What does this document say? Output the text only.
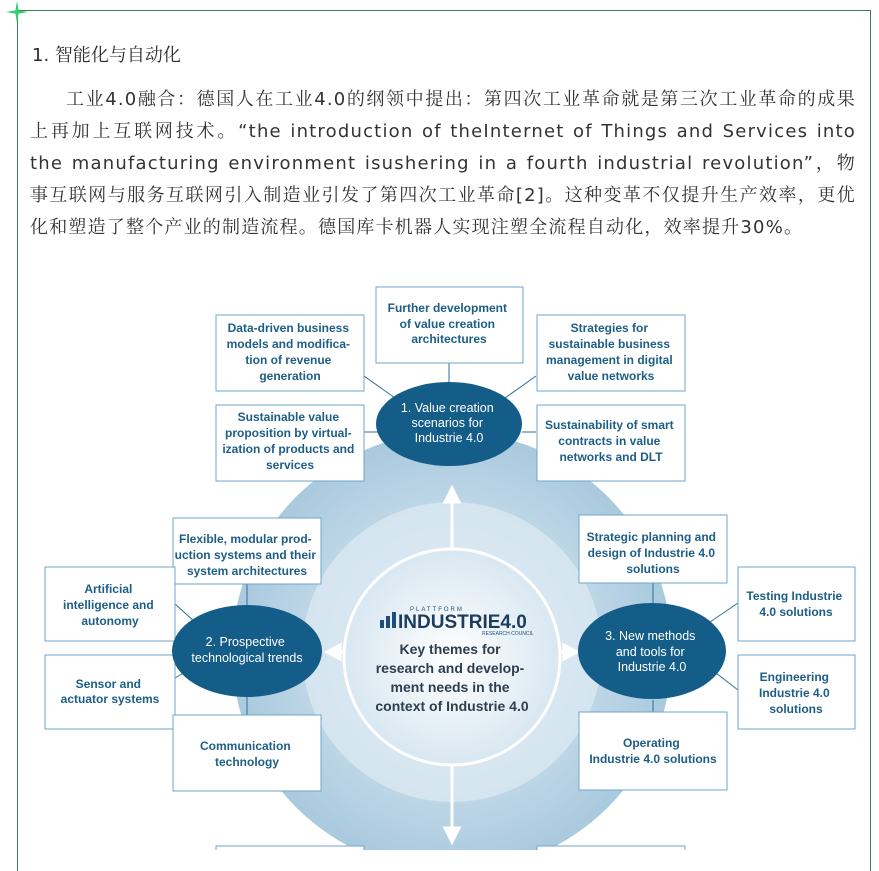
1. 智能化与自动化

工业4.0融合：德国人在工业4.0的纲领中提出：第四次工业革命就是第三次工业革命的成果上再加上互联网技术。“the introduction of theInternet of Things and Services into the manufacturing environment isushering in a fourth industrial revolution”，物事互联网与服务互联网引入制造业引发了第四次工业革命[2]。这种变革不仅提升生产效率，更优化和塑造了整个产业的制造流程。德国库卡机器人实现注塑全流程自动化，效率提升30%。

PLATTFORM
INDUSTRIE4.0
RESEARCH COUNCIL
1. Value creation scenarios for Industrie 4.0
2. Prospective technological trends
3. New methods and tools for Industrie 4.0
Key themes for research and develop- ment needs in the context of Industrie 4.0
Further development of value creation architectures
Data-driven business models and modifica- tion of revenue generation
Strategies for sustainable business management in digital value networks
Sustainable value proposition by virtual- ization of products and services
Sustainability of smart contracts in value networks and DLT
Flexible, modular prod- uction systems and their system architectures
Artificial intelligence and autonomy
Sensor and actuator systems
Communication technology
Strategic planning and design of Industrie 4.0 solutions
Testing Industrie 4.0 solutions
Engineering Industrie 4.0 solutions
Operating Industrie 4.0 solutions
